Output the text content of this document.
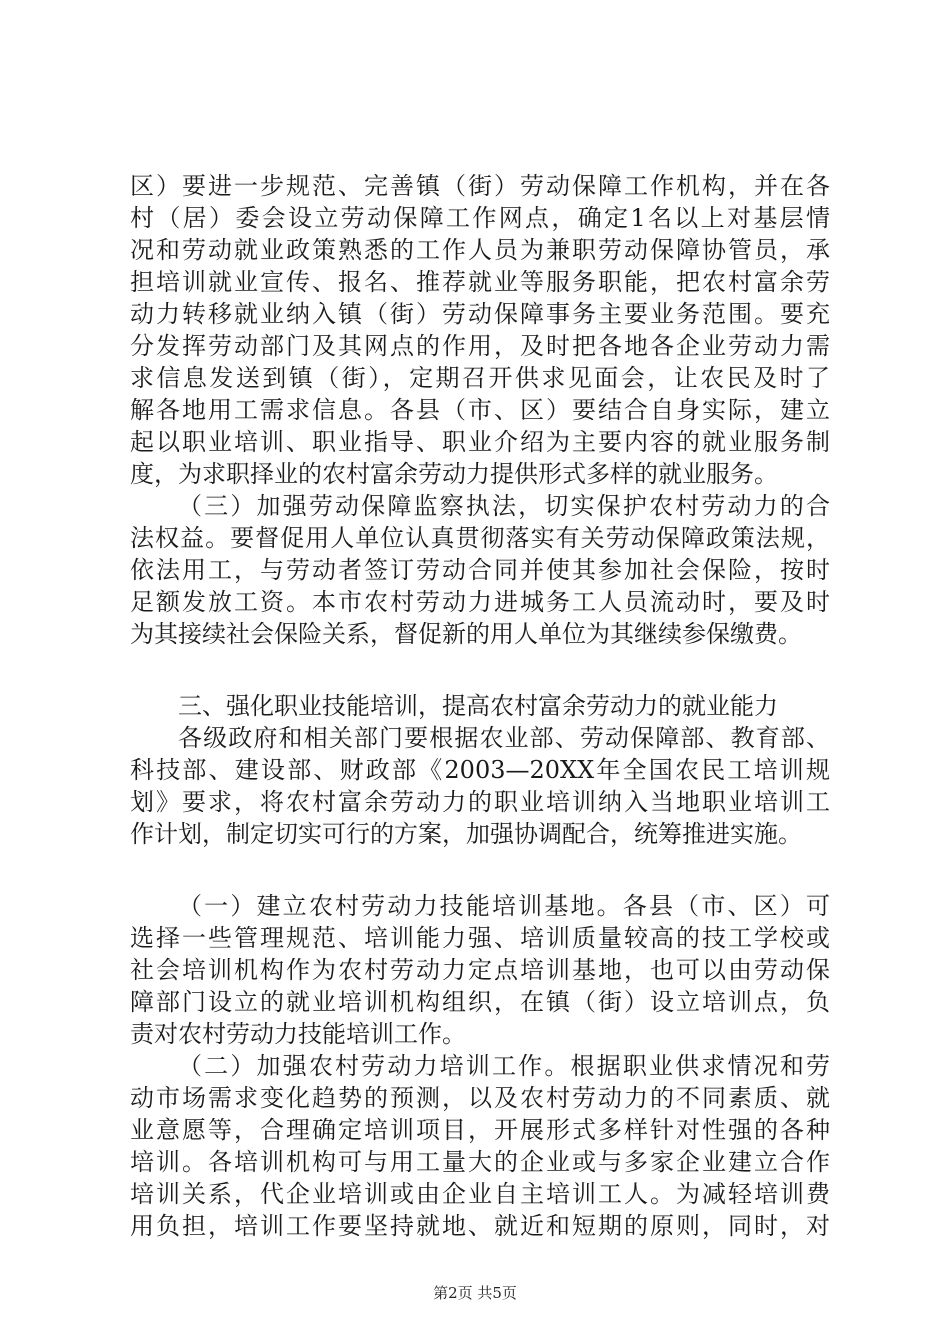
区）要进一步规范、完善镇（街）劳动保障工作机构，并在各
村（居）委会设立劳动保障工作网点，确定1名以上对基层情
况和劳动就业政策熟悉的工作人员为兼职劳动保障协管员，承
担培训就业宣传、报名、推荐就业等服务职能，把农村富余劳
动力转移就业纳入镇（街）劳动保障事务主要业务范围。要充
分发挥劳动部门及其网点的作用，及时把各地各企业劳动力需
求信息发送到镇（街），定期召开供求见面会，让农民及时了
解各地用工需求信息。各县（市、区）要结合自身实际，建立
起以职业培训、职业指导、职业介绍为主要内容的就业服务制
度，为求职择业的农村富余劳动力提供形式多样的就业服务。
（三）加强劳动保障监察执法，切实保护农村劳动力的合
法权益。要督促用人单位认真贯彻落实有关劳动保障政策法规，
依法用工，与劳动者签订劳动合同并使其参加社会保险，按时
足额发放工资。本市农村劳动力进城务工人员流动时，要及时
为其接续社会保险关系，督促新的用人单位为其继续参保缴费。
三、强化职业技能培训，提高农村富余劳动力的就业能力
各级政府和相关部门要根据农业部、劳动保障部、教育部、
科技部、建设部、财政部《2003—20XX年全国农民工培训规
划》要求，将农村富余劳动力的职业培训纳入当地职业培训工
作计划，制定切实可行的方案，加强协调配合，统筹推进实施。
（一）建立农村劳动力技能培训基地。各县（市、区）可
选择一些管理规范、培训能力强、培训质量较高的技工学校或
社会培训机构作为农村劳动力定点培训基地，也可以由劳动保
障部门设立的就业培训机构组织，在镇（街）设立培训点，负
责对农村劳动力技能培训工作。
（二）加强农村劳动力培训工作。根据职业供求情况和劳
动市场需求变化趋势的预测，以及农村劳动力的不同素质、就
业意愿等，合理确定培训项目，开展形式多样针对性强的各种
培训。各培训机构可与用工量大的企业或与多家企业建立合作
培训关系，代企业培训或由企业自主培训工人。为减轻培训费
用负担，培训工作要坚持就地、就近和短期的原则，同时，对
第2页 共5页
